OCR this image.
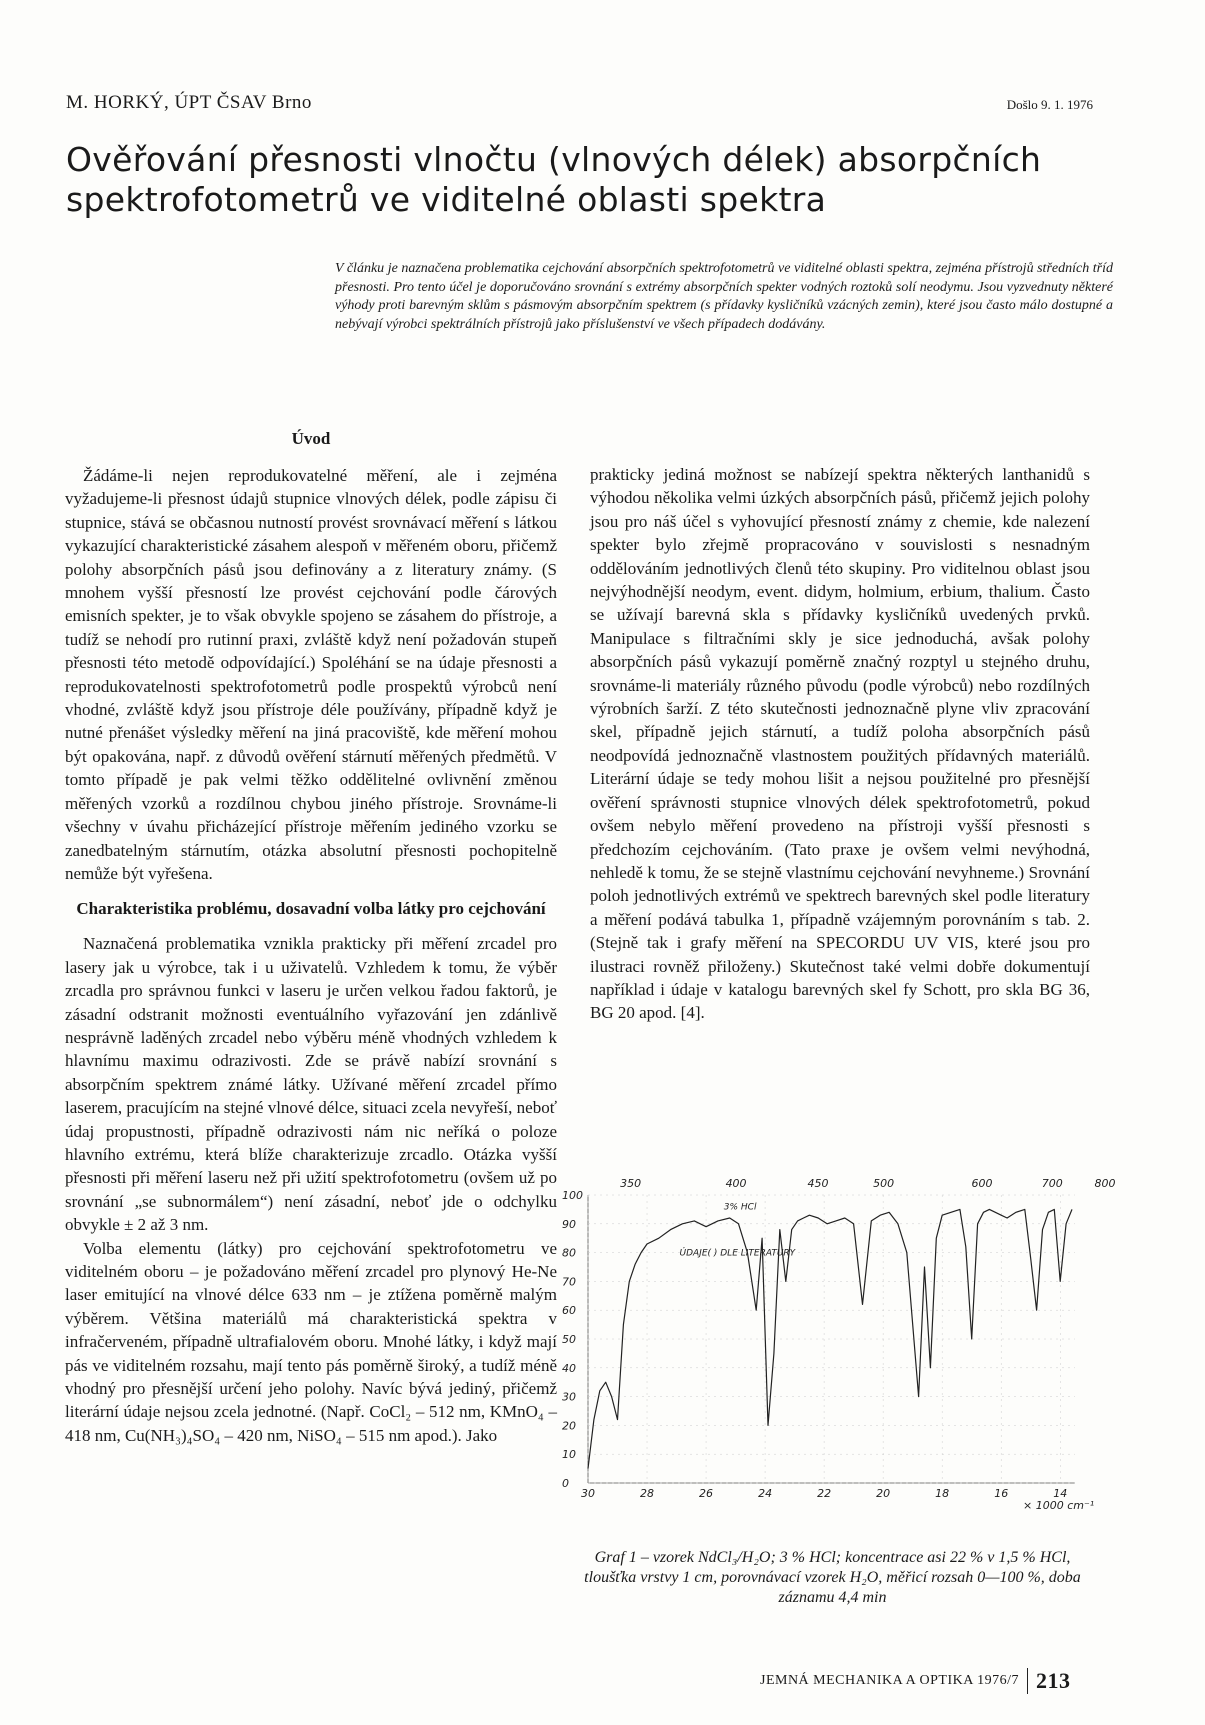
M. HORKÝ, ÚPT ČSAV Brno	Došlo 9. 1. 1976
Ověřování přesnosti vlnočtu (vlnových délek) absorpčních spektrofotometrů ve viditelné oblasti spektra

V článku je naznačena problematika cejchování absorpčních spektrofotometrů ve viditelné oblasti spektra, zejména přístrojů středních tříd přesnosti. Pro tento účel je doporučováno srovnání s extrémy absorpčních spekter vodných roztoků solí neodymu. Jsou vyzvednuty některé výhody proti barevným sklům s pásmovým absorpčním spektrem (s přídavky kysličníků vzácných zemin), které jsou často málo dostupné a nebývají výrobci spektrálních přístrojů jako příslušenství ve všech případech dodávány.

Úvod

Žádáme-li nejen reprodukovatelné měření, ale i zejména vyžadujeme-li přesnost údajů stupnice vlnových délek, podle zápisu či stupnice, stává se občasnou nutností provést srovnávací měření s látkou vykazující charakteristické zásahem alespoň v měřeném oboru, přičemž polohy absorpčních pásů jsou definovány a z literatury známy. (S mnohem vyšší přesností lze provést cejchování podle čárových emisních spekter, je to však obvykle spojeno se zásahem do přístroje, a tudíž se nehodí pro rutinní praxi, zvláště když není požadován stupeň přesnosti této metodě odpovídající.) Spoléhání se na údaje přesnosti a reprodukovatelnosti spektrofotometrů podle prospektů výrobců není vhodné, zvláště když jsou přístroje déle používány, případně když je nutné přenášet výsledky měření na jiná pracoviště, kde měření mohou být opakována, např. z důvodů ověření stárnutí měřených předmětů. V tomto případě je pak velmi těžko oddělitelné ovlivnění změnou měřených vzorků a rozdílnou chybou jiného přístroje. Srovnáme-li všechny v úvahu přicházející přístroje měřením jediného vzorku se zanedbatelným stárnutím, otázka absolutní přesnosti pochopitelně nemůže být vyřešena.

Charakteristika problému, dosavadní volba látky pro cejchování

Naznačená problematika vznikla prakticky při měření zrcadel pro lasery jak u výrobce, tak i u uživatelů. Vzhledem k tomu, že výběr zrcadla pro správnou funkci v laseru je určen velkou řadou faktorů, je zásadní odstranit možnosti eventuálního vyřazování jen zdánlivě nesprávně laděných zrcadel nebo výběru méně vhodných vzhledem k hlavnímu maximu odrazivosti. Zde se právě nabízí srovnání s absorpčním spektrem známé látky. Užívané měření zrcadel přímo laserem, pracujícím na stejné vlnové délce, situaci zcela nevyřeší, neboť údaj propustnosti, případně odrazivosti nám nic neříká o poloze hlavního extrému, která blíže charakterizuje zrcadlo. Otázka vyšší přesnosti při měření laseru než při užití spektrofotometru (ovšem už po srovnání „se subnormálem“) není zásadní, neboť jde o odchylku obvykle ± 2 až 3 nm.

Volba elementu (látky) pro cejchování spektrofotometru ve viditelném oboru – je požadováno měření zrcadel pro plynový He-Ne laser emitující na vlnové délce 633 nm – je ztížena poměrně malým výběrem. Většina materiálů má charakteristická spektra v infračerveném, případně ultrafialovém oboru. Mnohé látky, i když mají pás ve viditelném rozsahu, mají tento pás poměrně široký, a tudíž méně vhodný pro přesnější určení jeho polohy. Navíc bývá jediný, přičemž literární údaje nejsou zcela jednotné. (Např. CoCl₂ – 512 nm, KMnO₄ – 418 nm, Cu(NH₃)₄SO₄ – 420 nm, NiSO₄ – 515 nm apod.). Jako

prakticky jediná možnost se nabízejí spektra některých lanthanidů s výhodou několika velmi úzkých absorpčních pásů, přičemž jejich polohy jsou pro náš účel s vyhovující přesností známy z chemie, kde nalezení spekter bylo zřejmě propracováno v souvislosti s nesnadným oddělováním jednotlivých členů této skupiny. Pro viditelnou oblast jsou nejvýhodnější neodym, event. didym, holmium, erbium, thalium. Často se užívají barevná skla s přídavky kysličníků uvedených prvků. Manipulace s filtračními skly je sice jednoduchá, avšak polohy absorpčních pásů vykazují poměrně značný rozptyl u stejného druhu, srovnáme-li materiály různého původu (podle výrobců) nebo rozdílných výrobních šarží. Z této skutečnosti jednoznačně plyne vliv zpracování skel, případně jejich stárnutí, a tudíž poloha absorpčních pásů neodpovídá jednoznačně vlastnostem použitých přídavných materiálů. Literární údaje se tedy mohou lišit a nejsou použitelné pro přesnější ověření správnosti stupnice vlnových délek spektrofotometrů, pokud ovšem nebylo měření provedeno na přístroji vyšší přesnosti s předchozím cejchováním. (Tato praxe je ovšem velmi nevýhodná, nehledě k tomu, že se stejně vlastnímu cejchování nevyhneme.) Srovnání poloh jednotlivých extrémů ve spektrech barevných skel podle literatury a měření podává tabulka 1, případně vzájemným porovnáním s tab. 2. (Stejně tak i grafy měření na SPECORDU UV VIS, které jsou pro ilustraci rovněž přiloženy.) Skutečnost také velmi dobře dokumentují například i údaje v katalogu barevných skel fy Schott, pro skla BG 36, BG 20 apod. [4].

100
90
80
70
60
50
40
30
20
10
0
30	28	26	24	22	20	18	16	14
350	400	450	500	600	700	800
× 1000 cm⁻¹
3% HCl
ÚDAJE( ) DLE LITERATURY

Graf 1 – vzorek NdCl₃/H₂O; 3 % HCl; koncentrace asi 22 % v 1,5 % HCl, tloušťka vrstvy 1 cm, porovnávací vzorek H₂O, měřicí rozsah 0—100 %, doba záznamu 4,4 min

JEMNÁ MECHANIKA A OPTIKA 1976/7 213
